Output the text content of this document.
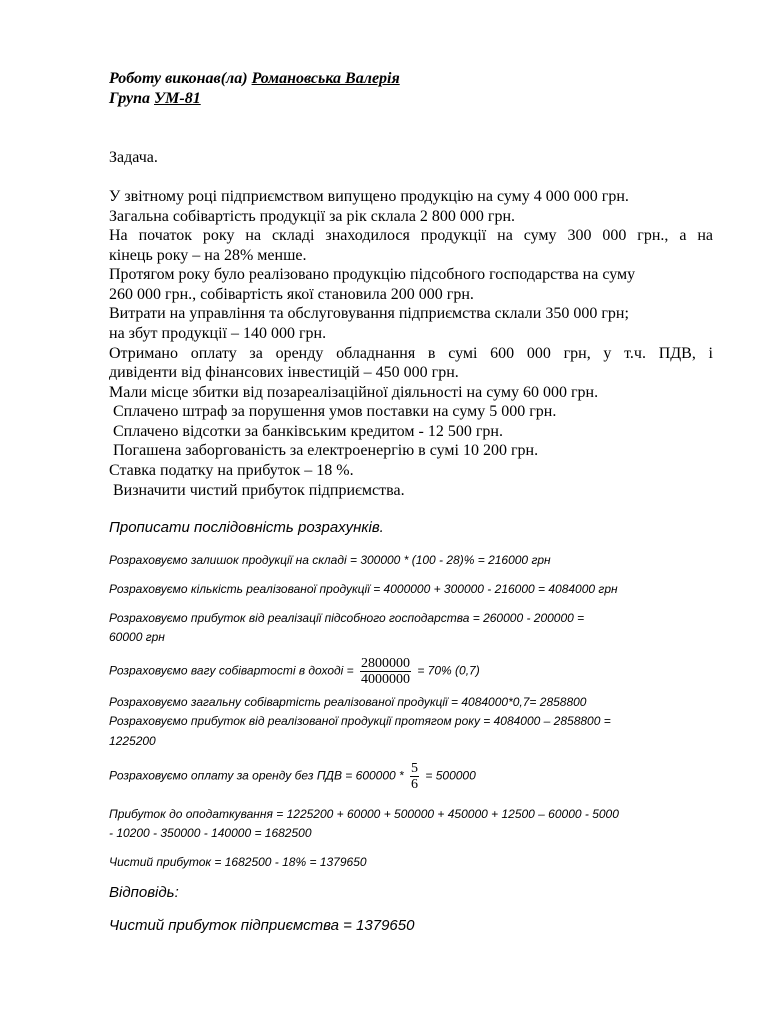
Роботу виконав(ла) Романовська Валерія
Група УМ-81
Задача.
У звітному році підприємством випущено продукцію на суму 4 000 000 грн.
Загальна собівартість продукції за рік склала 2 800 000 грн.
На початок року на складі знаходилося продукції на суму 300 000 грн., а на
кінець року – на 28% менше.
Протягом року було реалізовано продукцію підсобного господарства на суму
260 000 грн., собівартість якої становила 200 000 грн.
Витрати на управління та обслуговування підприємства склали 350 000 грн;
на збут продукції – 140 000 грн.
Отримано оплату за оренду обладнання в сумі 600 000 грн, у т.ч. ПДВ, і
дивіденти від фінансових інвестицій – 450 000 грн.
Мали місце збитки від позареалізаційної діяльності на суму 60 000 грн.
Сплачено штраф за порушення умов поставки на суму 5 000 грн.
Сплачено відсотки за банківським кредитом - 12 500 грн.
Погашена заборгованість за електроенергію в сумі 10 200 грн.
Ставка податку на прибуток – 18 %.
Визначити чистий прибуток підприємства.
Прописати послідовність розрахунків.
Розраховуємо залишок продукції на складі = 300000 * (100 - 28)% = 216000 грн
Розраховуємо кількість реалізованої продукції = 4000000 + 300000 - 216000 = 4084000 грн
Розраховуємо прибуток від реалізації підсобного господарства = 260000 - 200000 =
60000 грн
Розраховуємо вагу собівартості в доході = $\frac{2800000}{4000000} = 70\%$ (0,7)
Розраховуємо загальну собівартість реалізованої продукції = 4084000*0,7= 2858800
Розраховуємо прибуток від реалізованої продукції протягом року = 4084000 – 2858800 =
1225200
Розраховуємо оплату за оренду без ПДВ = $600000 * \frac{5}{6} = 500000$
Прибуток до оподаткування = 1225200 + 60000 + 500000 + 450000 + 12500 – 60000 - 5000
- 10200 - 350000 - 140000 = 1682500
Чистий прибуток = 1682500 - 18% = 1379650
Відповідь:
Чистий прибуток підприємства = 1379650
